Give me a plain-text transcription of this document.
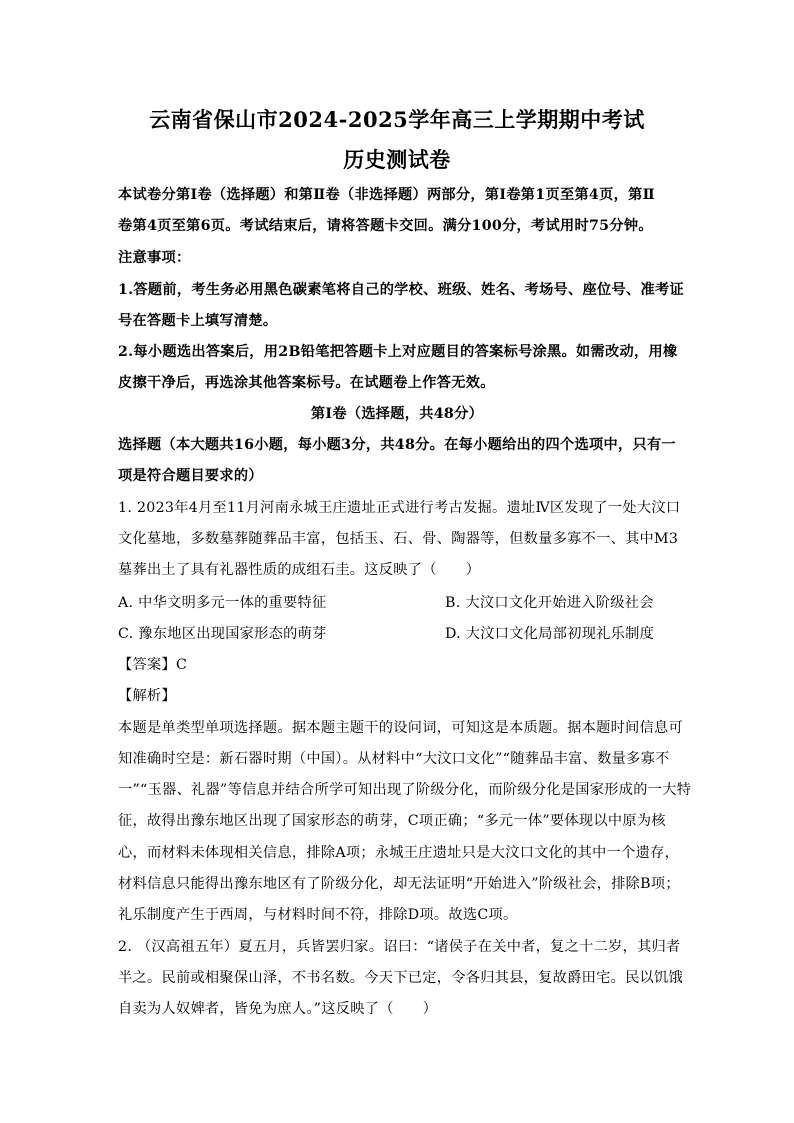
云南省保山市2024-2025学年高三上学期期中考试
历史测试卷
本试卷分第Ⅰ卷（选择题）和第Ⅱ卷（非选择题）两部分，第Ⅰ卷第1页至第4页，第Ⅱ
卷第4页至第6页。考试结束后，请将答题卡交回。满分100分，考试用时75分钟。
注意事项：
1.答题前，考生务必用黑色碳素笔将自己的学校、班级、姓名、考场号、座位号、准考证
号在答题卡上填写清楚。
2.每小题选出答案后，用2B铅笔把答题卡上对应题目的答案标号涂黑。如需改动，用橡
皮擦干净后，再选涂其他答案标号。在试题卷上作答无效。
第Ⅰ卷（选择题，共48分）
选择题（本大题共16小题，每小题3分，共48分。在每小题给出的四个选项中，只有一
项是符合题目要求的）
1. 2023年4月至11月河南永城王庄遗址正式进行考古发掘。遗址Ⅳ区发现了一处大汶口
文化墓地，多数墓葬随葬品丰富，包括玉、石、骨、陶器等，但数量多寡不一、其中M3
墓葬出土了具有礼器性质的成组石圭。这反映了（　　）
A. 中华文明多元一体的重要特征	B. 大汶口文化开始进入阶级社会
C. 豫东地区出现国家形态的萌芽	D. 大汶口文化局部初现礼乐制度
【答案】C
【解析】
本题是单类型单项选择题。据本题主题干的设问词，可知这是本质题。据本题时间信息可
知准确时空是：新石器时期（中国）。从材料中“大汶口文化”“随葬品丰富、数量多寡不
一”“玉器、礼器”等信息并结合所学可知出现了阶级分化，而阶级分化是国家形成的一大特
征，故得出豫东地区出现了国家形态的萌芽，C项正确；“多元一体”要体现以中原为核
心，而材料未体现相关信息，排除A项；永城王庄遗址只是大汶口文化的其中一个遗存，
材料信息只能得出豫东地区有了阶级分化，却无法证明“开始进入”阶级社会，排除B项；
礼乐制度产生于西周，与材料时间不符，排除D项。故选C项。
2. （汉高祖五年）夏五月，兵皆罢归家。诏曰：“诸侯子在关中者，复之十二岁，其归者
半之。民前或相聚保山泽，不书名数。今天下已定，令各归其县，复故爵田宅。民以饥饿
自卖为人奴婢者，皆免为庶人。”这反映了（　　）
